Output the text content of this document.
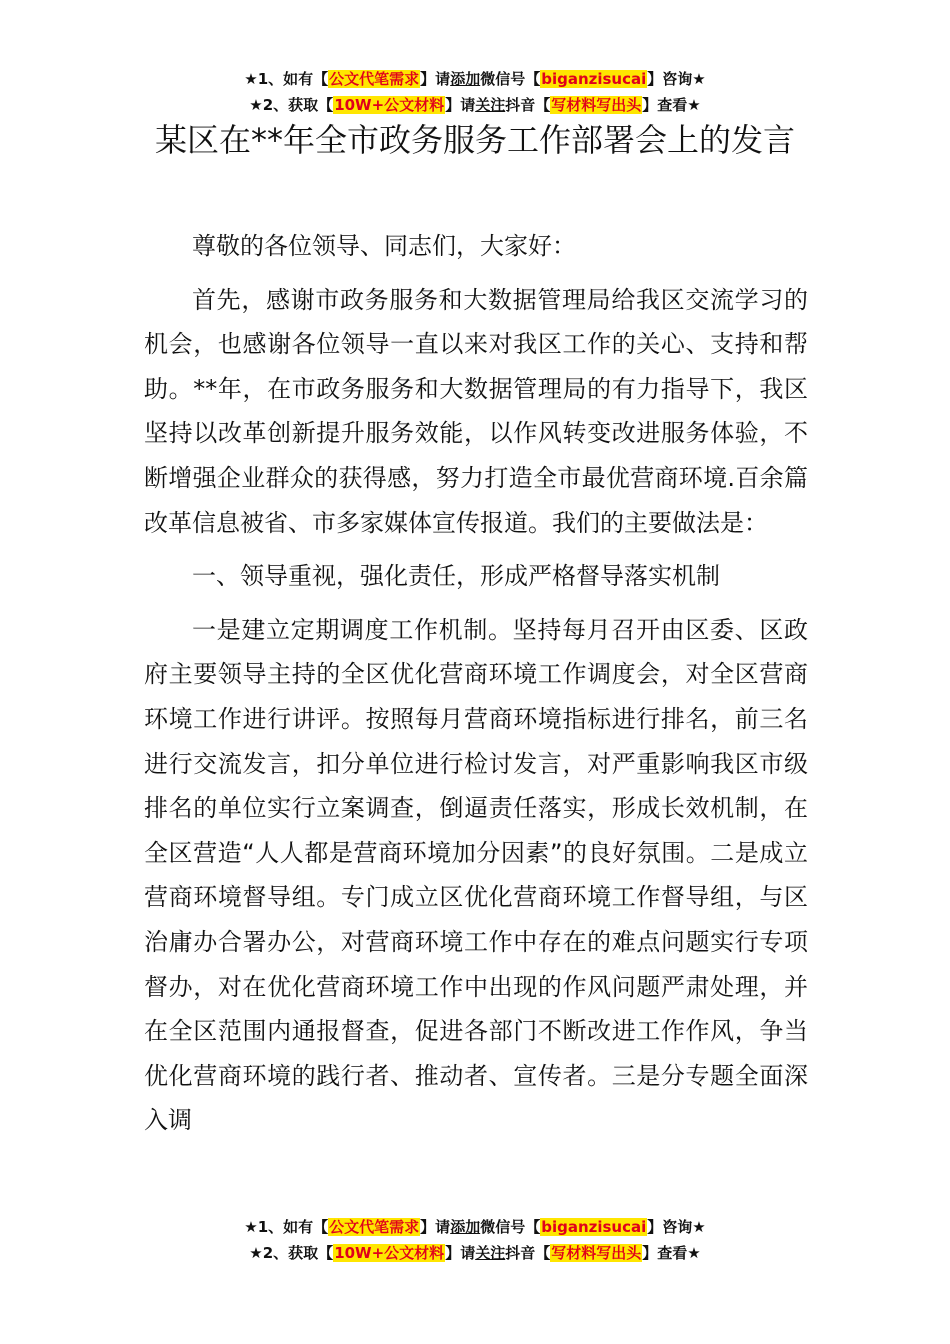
★1、如有【公文代笔需求】请添加微信号【biganzisucai】咨询★
★2、获取【10W+公文材料】请关注抖音【写材料写出头】查看★
某区在**年全市政务服务工作部署会上的发言

尊敬的各位领导、同志们，大家好：

首先，感谢市政务服务和大数据管理局给我区交流学习的机会，也感谢各位领导一直以来对我区工作的关心、支持和帮助。**年，在市政务服务和大数据管理局的有力指导下，我区坚持以改革创新提升服务效能，以作风转变改进服务体验，不断增强企业群众的获得感，努力打造全市最优营商环境.百余篇改革信息被省、市多家媒体宣传报道。我们的主要做法是：

一、领导重视，强化责任，形成严格督导落实机制

一是建立定期调度工作机制。坚持每月召开由区委、区政府主要领导主持的全区优化营商环境工作调度会，对全区营商环境工作进行讲评。按照每月营商环境指标进行排名，前三名进行交流发言，扣分单位进行检讨发言，对严重影响我区市级排名的单位实行立案调查，倒逼责任落实，形成长效机制，在全区营造“人人都是营商环境加分因素”的良好氛围。二是成立营商环境督导组。专门成立区优化营商环境工作督导组，与区治庸办合署办公，对营商环境工作中存在的难点问题实行专项督办，对在优化营商环境工作中出现的作风问题严肃处理，并在全区范围内通报督查，促进各部门不断改进工作作风，争当优化营商环境的践行者、推动者、宣传者。三是分专题全面深入调

★1、如有【公文代笔需求】请添加微信号【biganzisucai】咨询★
★2、获取【10W+公文材料】请关注抖音【写材料写出头】查看★
